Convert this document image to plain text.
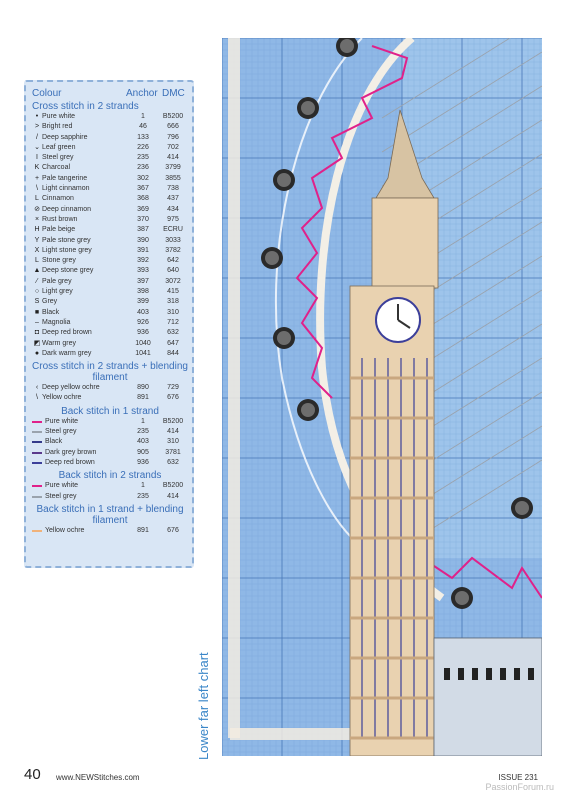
Colour	Anchor DMC
Cross stitch in 2 strands
• Pure white	1	B5200
> Bright red	46	666
/ Deep sapphire	133	796
⌄ Leaf green	226	702
I Steel grey	235	414
K Charcoal	236	3799
+ Pale tangerine	302	3855
\ Light cinnamon	367	738
L Cinnamon	368	437
⊘ Deep cinnamon	369	434
× Rust brown	370	975
H Pale beige	387	ECRU
Y Pale stone grey	390	3033
X Light stone grey	391	3782
L Stone grey	392	642
▲ Deep stone grey	393	640
⁄ Pale grey	397	3072
○ Light grey	398	415
S Grey	399	318
■ Black	403	310
– Magnolia	926	712
◘ Deep red brown	936	632
◩ Warm grey	1040	647
● Dark warm grey	1041	844
Cross stitch in 2 strands + blending filament
‹ Deep yellow ochre	890	729
\ Yellow ochre	891	676
Back stitch in 1 strand
Pure white	1	B5200
Steel grey	235	414
Black	403	310
Dark grey brown	905	3781
Deep red brown	936	632
Back stitch in 2 strands
Pure white	1	B5200
Steel grey	235	414
Back stitch in 1 strand + blending filament
Yellow ochre	891	676
Lower far left chart
40 www.NEWStitches.com	ISSUE 231
PassionForum.ru
